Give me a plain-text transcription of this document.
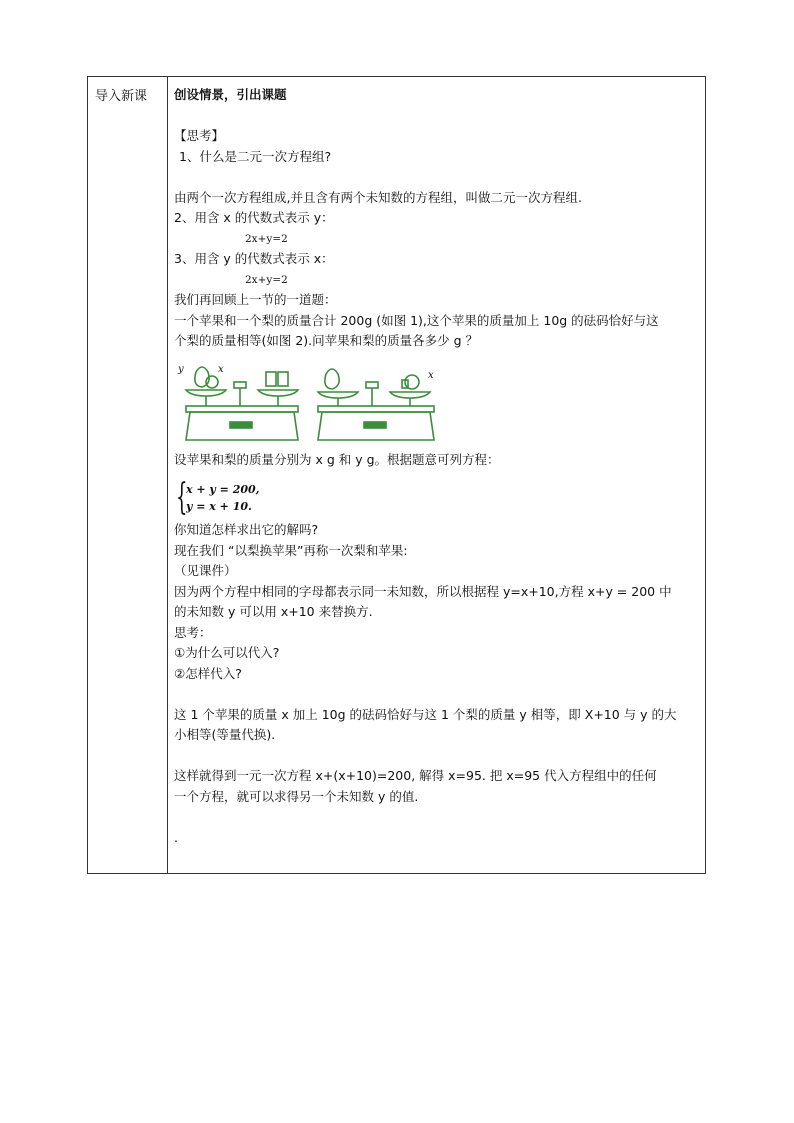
导入新课 创设情景，引出课题
【思考】
1、什么是二元一次方程组?
由两个一次方程组成,并且含有两个未知数的方程组，叫做二元一次方程组.
2、用含 x 的代数式表示 y：
2x+y=2
3、用含 y 的代数式表示 x：
2x+y=2
我们再回顾上一节的一道题：
一个苹果和一个梨的质量合计 200g (如图 1),这个苹果的质量加上 10g 的砝码恰好与这
个梨的质量相等(如图 2).问苹果和梨的质量各多少 g ？
y	x
x
设苹果和梨的质量分别为 x g 和 y g。根据题意可列方程：
{
x + y = 200,
y = x + 10.
你知道怎样求出它的解吗?
现在我们 “以梨换苹果”再称一次梨和苹果:
（见课件）
因为两个方程中相同的字母都表示同一未知数，所以根据程 y=x+10,方程 x+y = 200 中
的未知数 y 可以用 x+10 来替换方.
思考：
①为什么可以代入?
②怎样代入?
这 1 个苹果的质量 x 加上 10g 的砝码恰好与这 1 个梨的质量 y 相等，即 X+10 与 y 的大
小相等(等量代换).
这样就得到一元一次方程 x+(x+10)=200, 解得 x=95. 把 x=95 代入方程组中的任何
一个方程，就可以求得另一个未知数 y 的值.
.
